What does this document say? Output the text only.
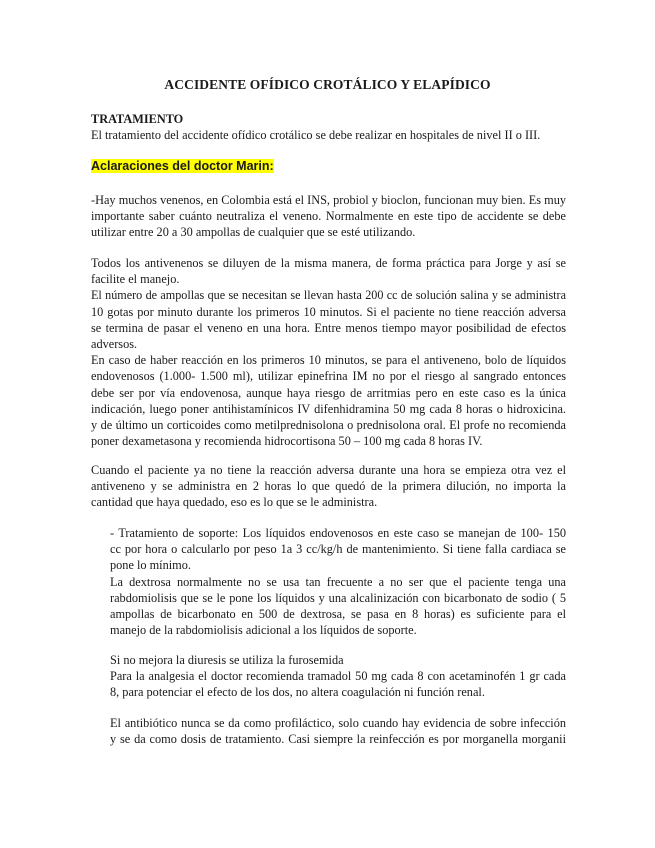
ACCIDENTE OFÍDICO CROTÁLICO Y ELAPÍDICO
TRATAMIENTO
El tratamiento del accidente ofídico crotálico se debe realizar en hospitales de nivel II o III.
Aclaraciones del doctor Marin:
-Hay muchos venenos, en Colombia está el INS, probiol y bioclon, funcionan muy bien. Es muy
importante saber cuánto neutraliza el veneno. Normalmente en este tipo de accidente se debe
utilizar entre 20 a 30 ampollas de cualquier que se esté utilizando.
Todos los antivenenos se diluyen de la misma manera, de forma práctica para Jorge y así se
facilite el manejo.
El número de ampollas que se necesitan se llevan hasta 200 cc de solución salina y se administra
10 gotas por minuto durante los primeros 10 minutos. Si el paciente no tiene reacción adversa
se termina de pasar el veneno en una hora. Entre menos tiempo mayor posibilidad de efectos
adversos.
En caso de haber reacción en los primeros 10 minutos, se para el antiveneno, bolo de líquidos
endovenosos (1.000- 1.500 ml), utilizar epinefrina IM no por el riesgo al sangrado entonces
debe ser por vía endovenosa, aunque haya riesgo de arritmias pero en este caso es la única
indicación, luego poner antihistamínicos IV difenhidramina 50 mg cada 8 horas o hidroxicina.
y de último un corticoides como metilprednisolona o prednisolona oral. El profe no recomienda
poner dexametasona y recomienda hidrocortisona 50 – 100 mg cada 8 horas IV.
Cuando el paciente ya no tiene la reacción adversa durante una hora se empieza otra vez el
antiveneno y se administra en 2 horas lo que quedó de la primera dilución, no importa la
cantidad que haya quedado, eso es lo que se le administra.
- Tratamiento de soporte: Los líquidos endovenosos en este caso se manejan de 100- 150
cc por hora o calcularlo por peso 1a 3 cc/kg/h de mantenimiento. Si tiene falla cardiaca se
pone lo mínimo.
La dextrosa normalmente no se usa tan frecuente a no ser que el paciente tenga una
rabdomiolisis que se le pone los líquidos y una alcalinización con bicarbonato de sodio ( 5
ampollas de bicarbonato en 500 de dextrosa, se pasa en 8 horas) es suficiente para el
manejo de la rabdomiolisis adicional a los líquidos de soporte.
Si no mejora la diuresis se utiliza la furosemida
Para la analgesia el doctor recomienda tramadol 50 mg cada 8 con acetaminofén 1 gr cada
8, para potenciar el efecto de los dos, no altera coagulación ni función renal.
El antibiótico nunca se da como profiláctico, solo cuando hay evidencia de sobre infección
y se da como dosis de tratamiento. Casi siempre la reinfección es por morganella morganii
